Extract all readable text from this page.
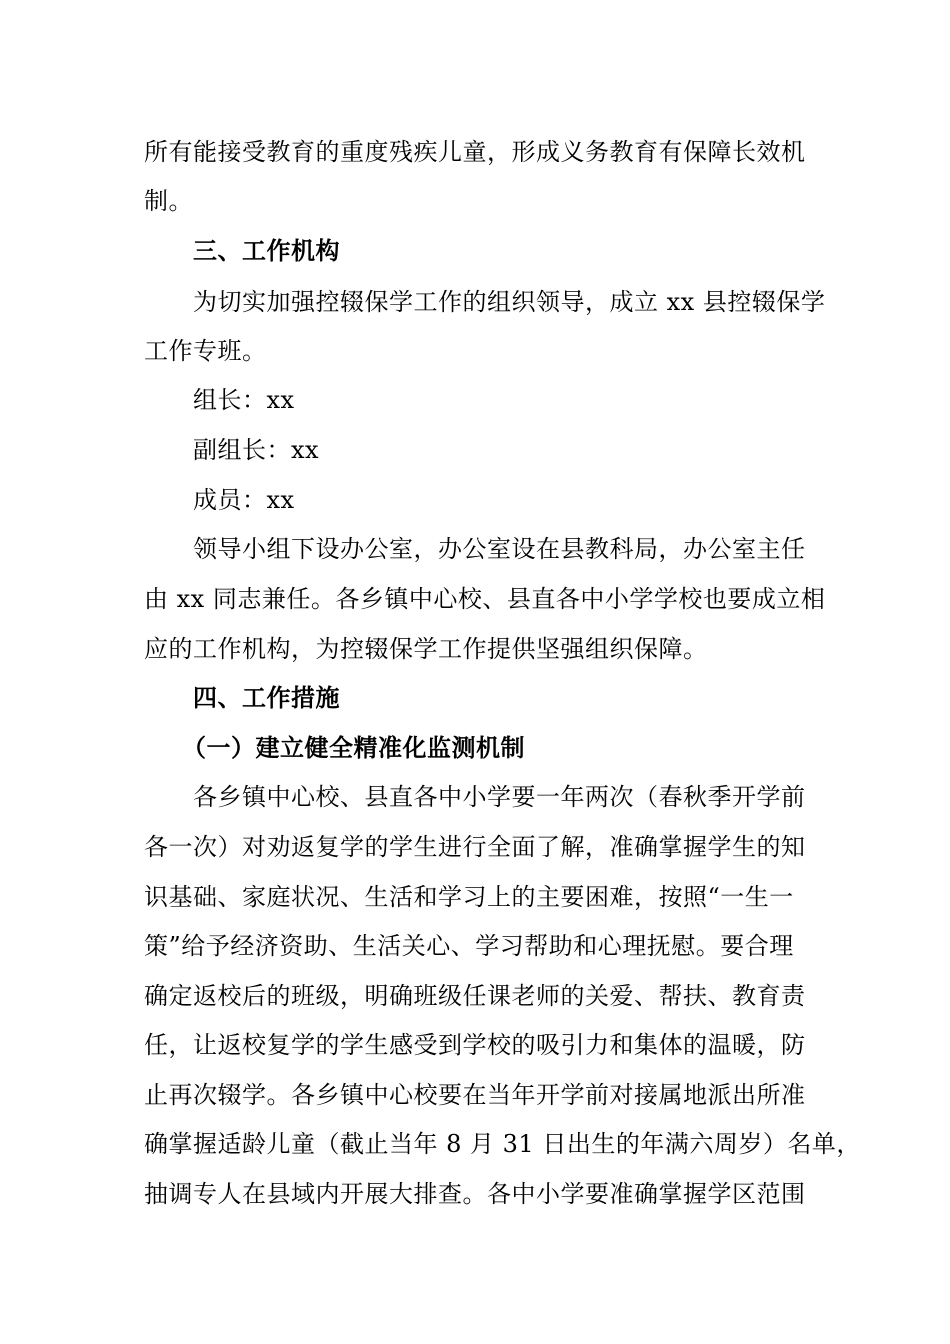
所有能接受教育的重度残疾儿童，形成义务教育有保障长效机
制。
三、工作机构
为切实加强控辍保学工作的组织领导，成立 xx 县控辍保学
工作专班。
组长：xx
副组长：xx
成员：xx
领导小组下设办公室，办公室设在县教科局，办公室主任
由 xx 同志兼任。各乡镇中心校、县直各中小学学校也要成立相
应的工作机构，为控辍保学工作提供坚强组织保障。
四、工作措施
（一）建立健全精准化监测机制
各乡镇中心校、县直各中小学要一年两次（春秋季开学前
各一次）对劝返复学的学生进行全面了解，准确掌握学生的知
识基础、家庭状况、生活和学习上的主要困难，按照“一生一
策”给予经济资助、生活关心、学习帮助和心理抚慰。要合理
确定返校后的班级，明确班级任课老师的关爱、帮扶、教育责
任，让返校复学的学生感受到学校的吸引力和集体的温暖，防
止再次辍学。各乡镇中心校要在当年开学前对接属地派出所准
确掌握适龄儿童（截止当年 8 月 31 日出生的年满六周岁）名单，
抽调专人在县域内开展大排查。各中小学要准确掌握学区范围
